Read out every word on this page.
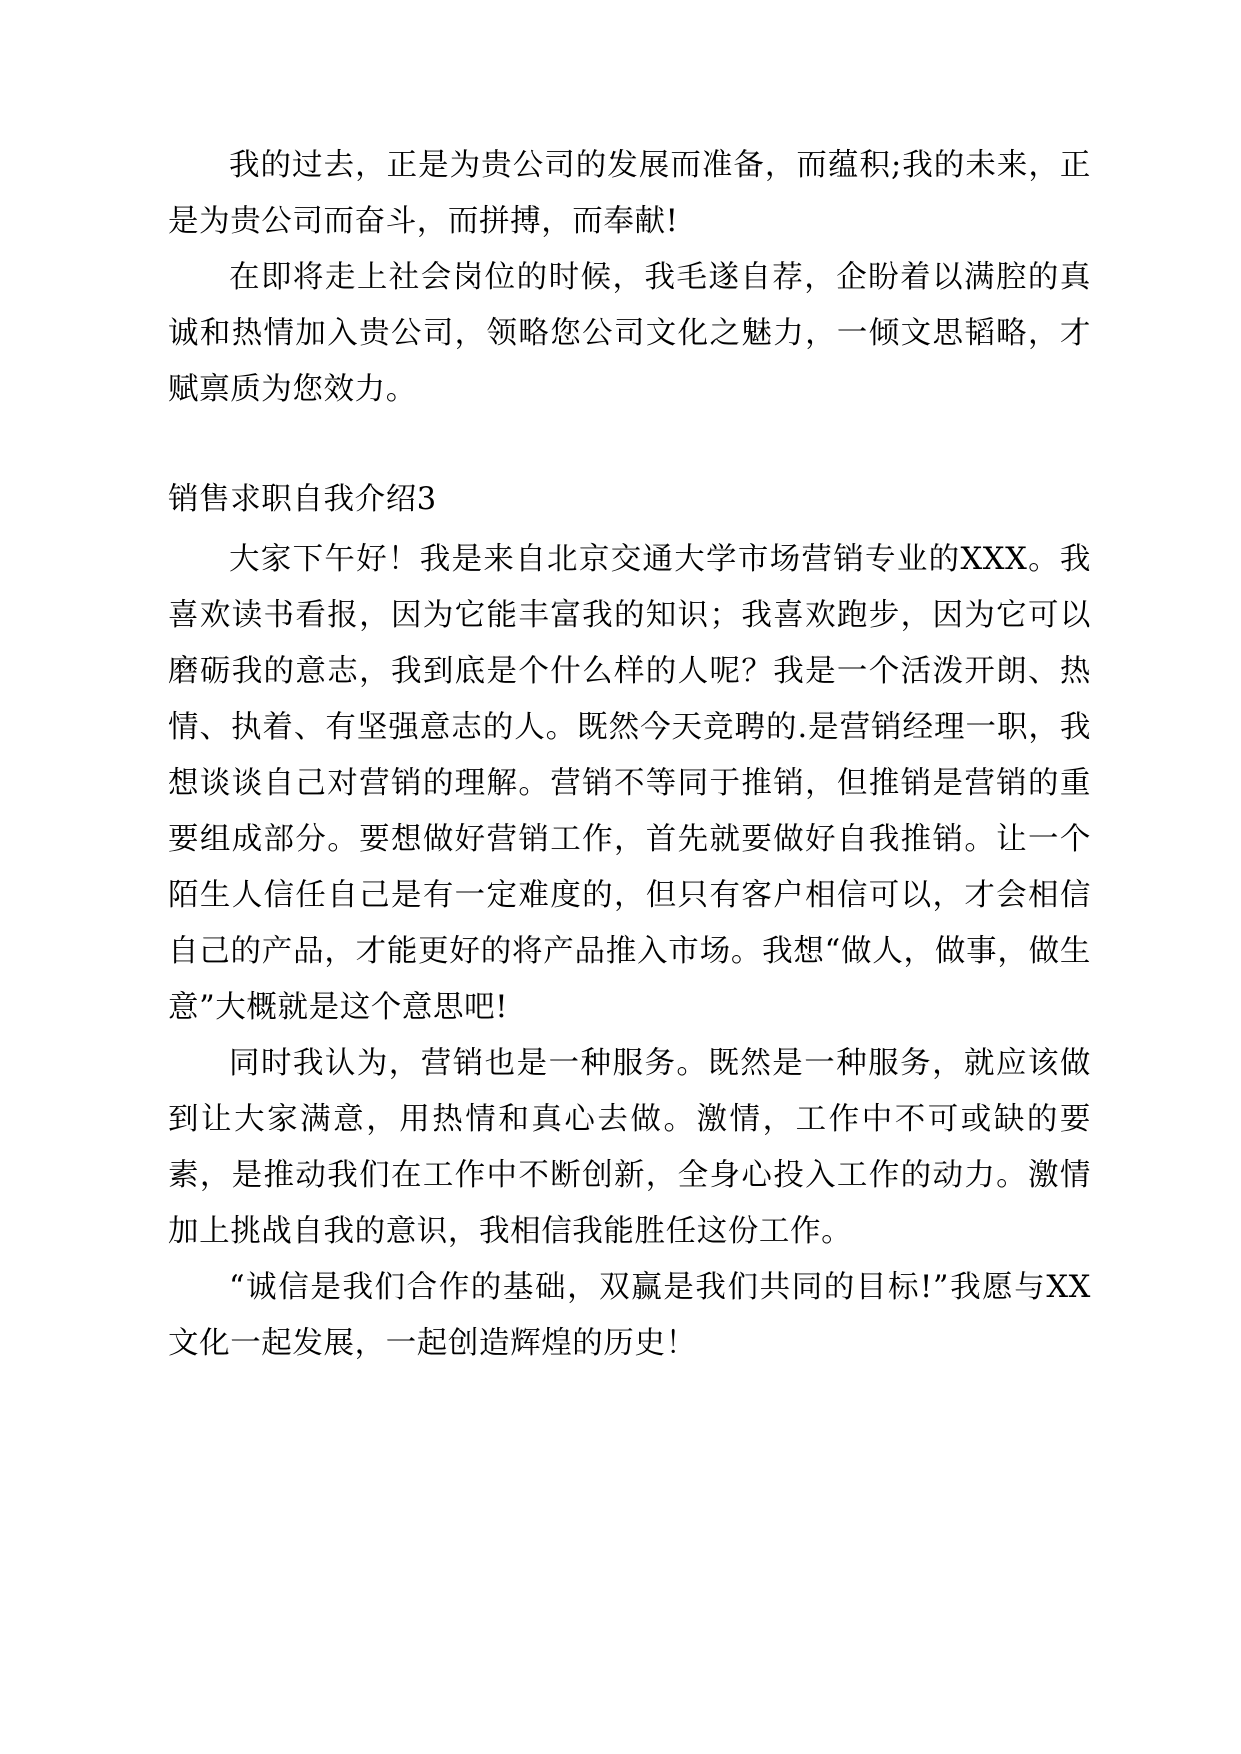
我的过去，正是为贵公司的发展而准备，而蕴积;我的未来，正是为贵公司而奋斗，而拼搏，而奉献!

在即将走上社会岗位的时候，我毛遂自荐，企盼着以满腔的真诚和热情加入贵公司，领略您公司文化之魅力，一倾文思韬略，才赋禀质为您效力。

销售求职自我介绍3

大家下午好！我是来自北京交通大学市场营销专业的XXX。我喜欢读书看报，因为它能丰富我的知识；我喜欢跑步，因为它可以磨砺我的意志，我到底是个什么样的人呢？我是一个活泼开朗、热情、执着、有坚强意志的人。既然今天竞聘的.是营销经理一职，我想谈谈自己对营销的理解。营销不等同于推销，但推销是营销的重要组成部分。要想做好营销工作，首先就要做好自我推销。让一个陌生人信任自己是有一定难度的，但只有客户相信可以，才会相信自己的产品，才能更好的将产品推入市场。我想“做人，做事，做生意”大概就是这个意思吧!

同时我认为，营销也是一种服务。既然是一种服务，就应该做到让大家满意，用热情和真心去做。激情，工作中不可或缺的要素，是推动我们在工作中不断创新，全身心投入工作的动力。激情加上挑战自我的意识，我相信我能胜任这份工作。

“诚信是我们合作的基础，双赢是我们共同的目标!”我愿与XX文化一起发展，一起创造辉煌的历史！
